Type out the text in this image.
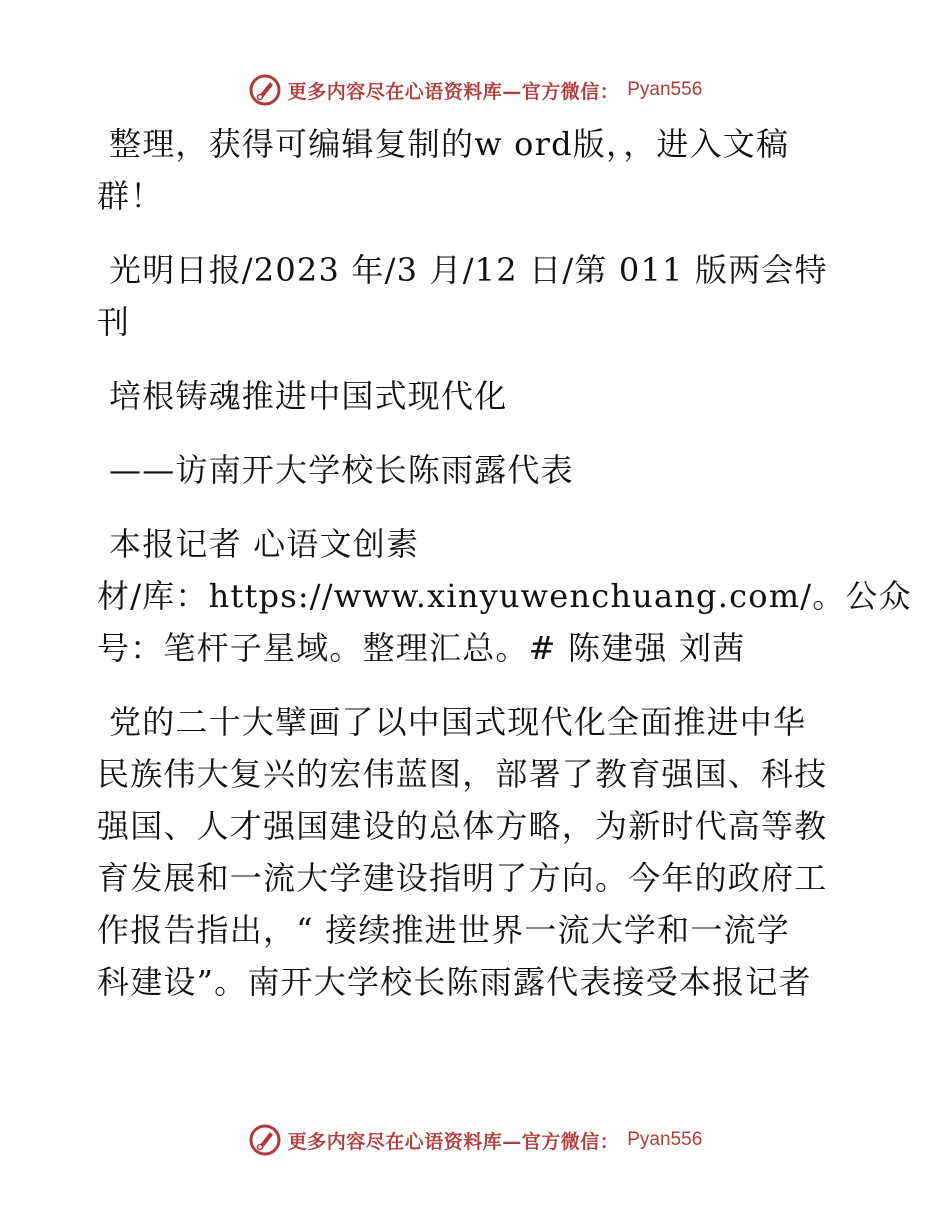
更多内容尽在心语资料库—官方微信： Pyan556
整理，获得可编辑复制的w ord版，，进入文稿
群！
光明日报/2023 年/3 月/12 日/第 011 版两会特
刊
培根铸魂推进中国式现代化
——访南开大学校长陈雨露代表
本报记者 心语文创素
材/库：https://www.xinyuwenchuang.com/。公众
号：笔杆子星域。整理汇总。# 陈建强 刘茜
党的二十大擘画了以中国式现代化全面推进中华
民族伟大复兴的宏伟蓝图，部署了教育强国、科技
强国、人才强国建设的总体方略，为新时代高等教
育发展和一流大学建设指明了方向。今年的政府工
作报告指出，“ 接续推进世界一流大学和一流学
科建设”。南开大学校长陈雨露代表接受本报记者
更多内容尽在心语资料库—官方微信： Pyan556
